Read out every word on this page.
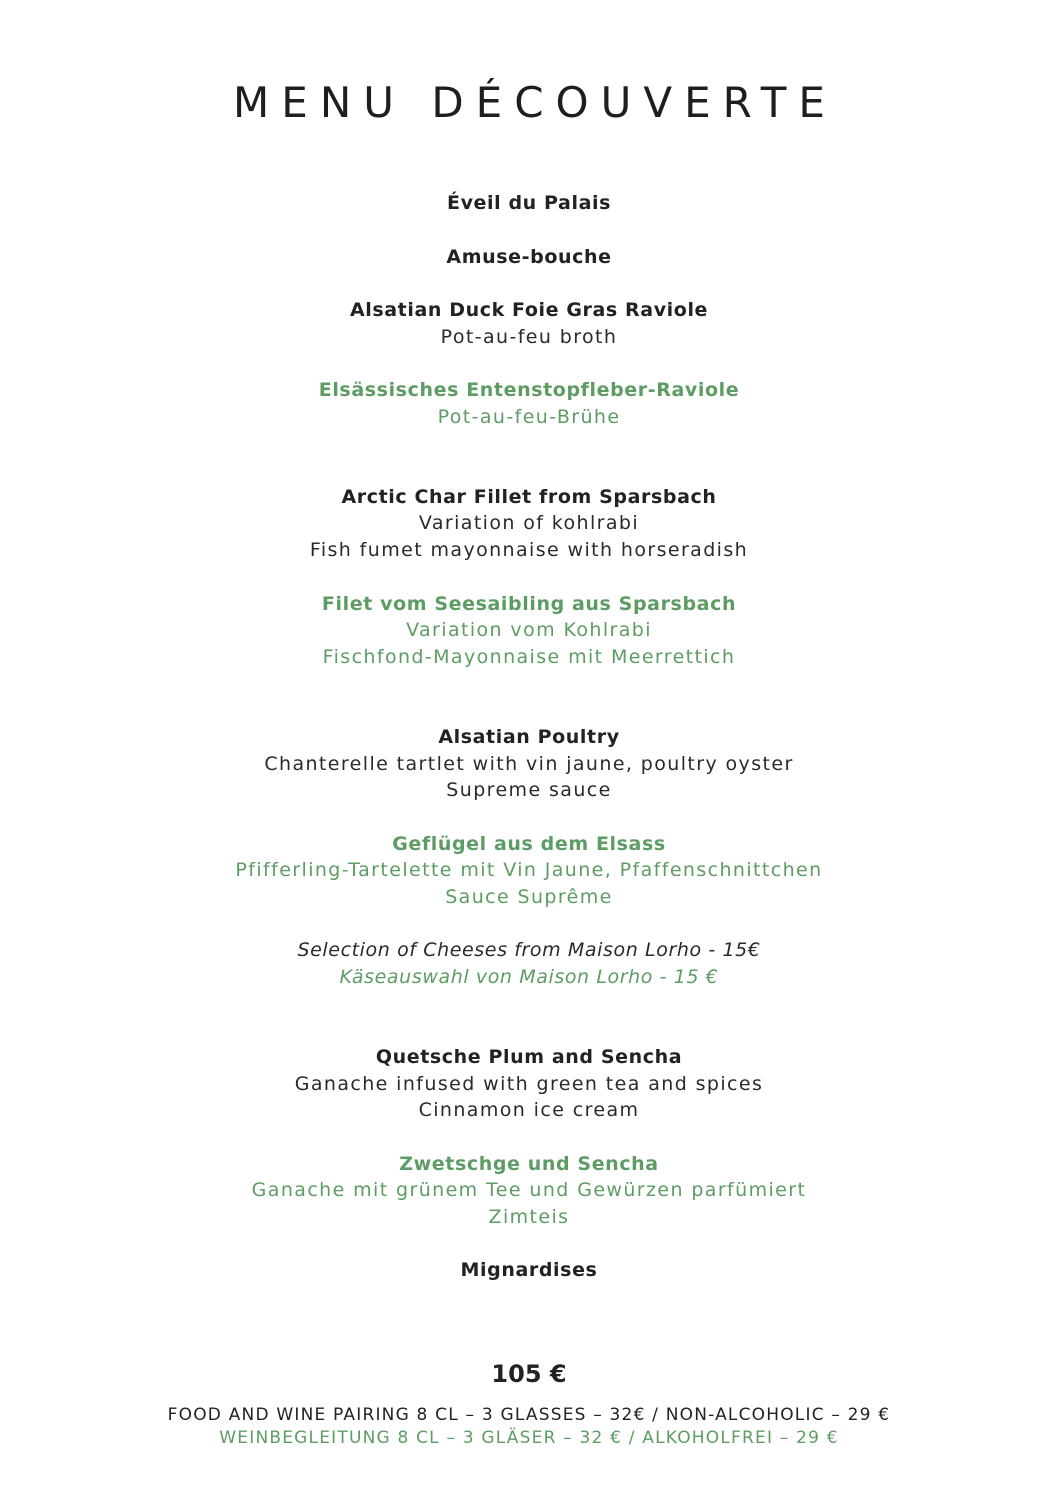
MENU DÉCOUVERTE
Éveil du Palais
Amuse-bouche
Alsatian Duck Foie Gras Raviole
Pot-au-feu broth
Elsässisches Entenstopfleber-Raviole
Pot-au-feu-Brühe
Arctic Char Fillet from Sparsbach
Variation of kohlrabi
Fish fumet mayonnaise with horseradish
Filet vom Seesaibling aus Sparsbach
Variation vom Kohlrabi
Fischfond-Mayonnaise mit Meerrettich
Alsatian Poultry
Chanterelle tartlet with vin jaune, poultry oyster
Supreme sauce
Geflügel aus dem Elsass
Pfifferling-Tartelette mit Vin Jaune, Pfaffenschnittchen
Sauce Suprême
Selection of Cheeses from Maison Lorho - 15€
Käseauswahl von Maison Lorho - 15 €
Quetsche Plum and Sencha
Ganache infused with green tea and spices
Cinnamon ice cream
Zwetschge und Sencha
Ganache mit grünem Tee und Gewürzen parfümiert
Zimteis
Mignardises
105 €
FOOD AND WINE PAIRING 8 CL – 3 GLASSES – 32€ / NON-ALCOHOLIC – 29 €
WEINBEGLEITUNG 8 CL – 3 GLÄSER – 32 € / ALKOHOLFREI – 29 €
